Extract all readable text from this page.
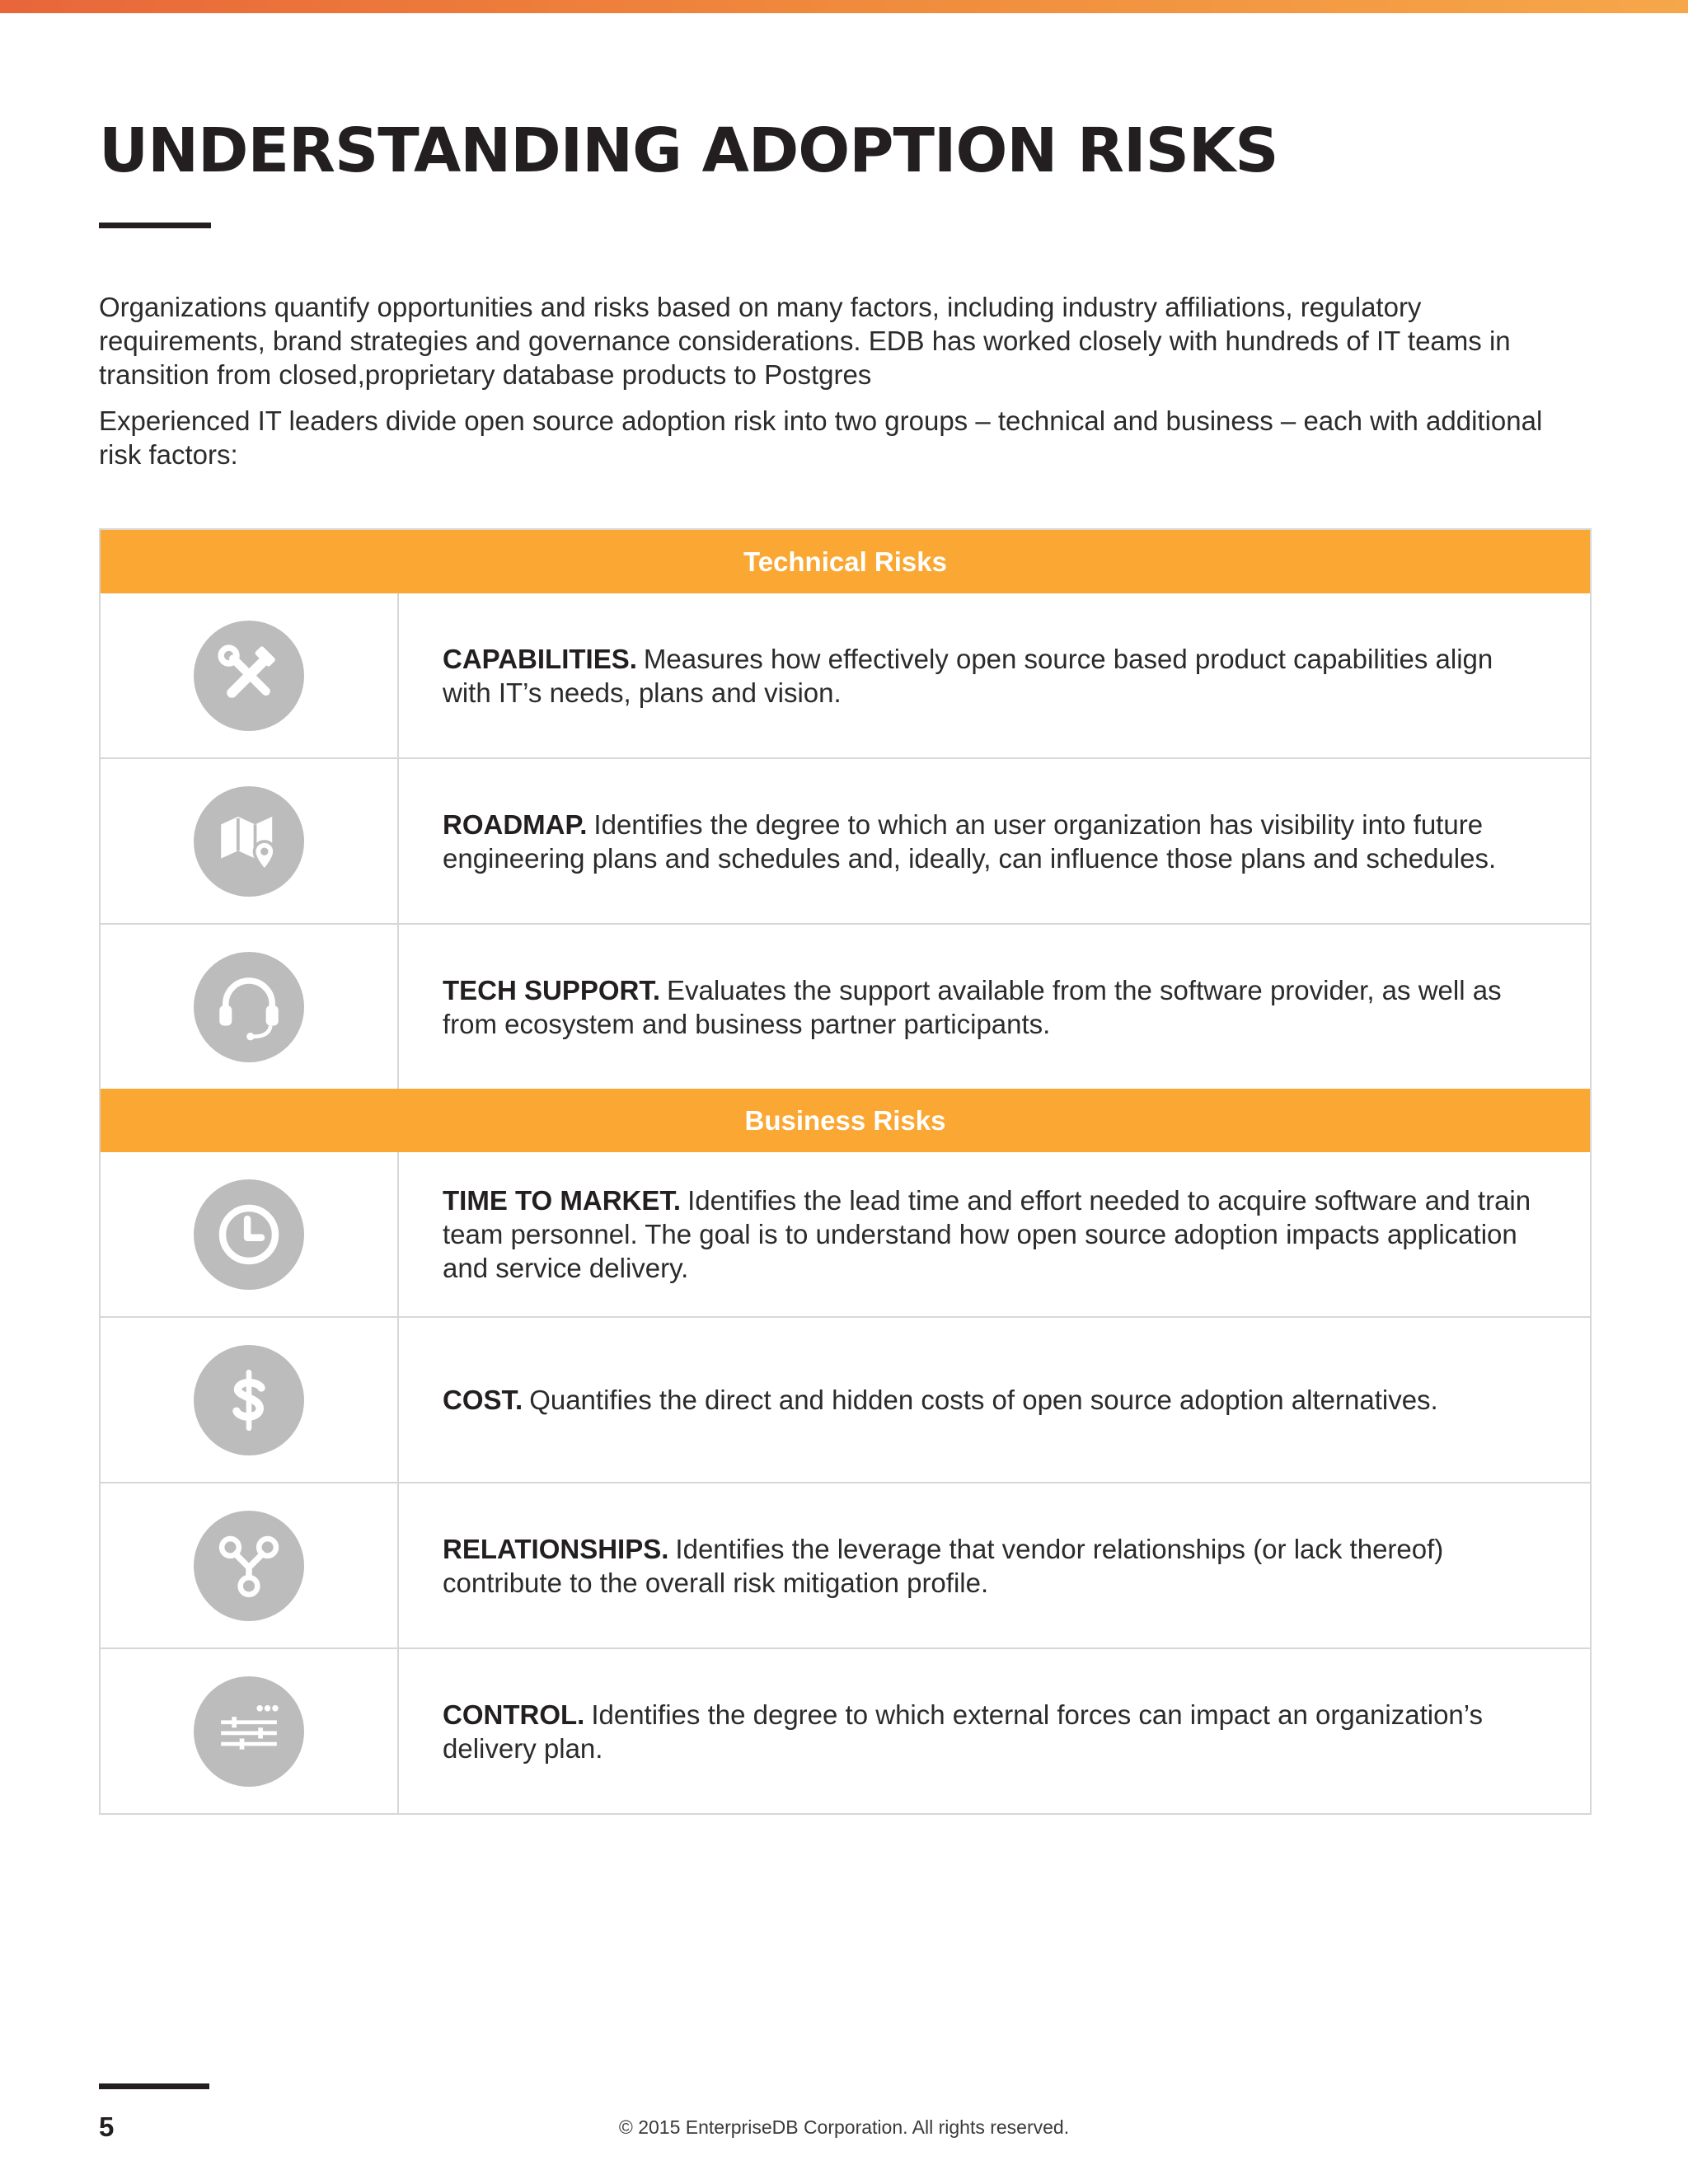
UNDERSTANDING ADOPTION RISKS

Organizations quantify opportunities and risks based on many factors, including industry affiliations, regulatory requirements, brand strategies and governance considerations. EDB has worked closely with hundreds of IT teams in transition from closed,proprietary database products to Postgres

Experienced IT leaders divide open source adoption risk into two groups – technical and business – each with additional risk factors:

Technical Risks
CAPABILITIES. Measures how effectively open source based product capabilities align with IT’s needs, plans and vision.
ROADMAP. Identifies the degree to which an user organization has visibility into future engineering plans and schedules and, ideally, can influence those plans and schedules.
TECH SUPPORT. Evaluates the support available from the software provider, as well as from ecosystem and business partner participants.
Business Risks
TIME TO MARKET. Identifies the lead time and effort needed to acquire software and train team personnel. The goal is to understand how open source adoption impacts application and service delivery.
COST. Quantifies the direct and hidden costs of open source adoption alternatives.
RELATIONSHIPS. Identifies the leverage that vendor relationships (or lack thereof) contribute to the overall risk mitigation profile.
CONTROL. Identifies the degree to which external forces can impact an organization’s delivery plan.
5	© 2015 EnterpriseDB Corporation. All rights reserved.
